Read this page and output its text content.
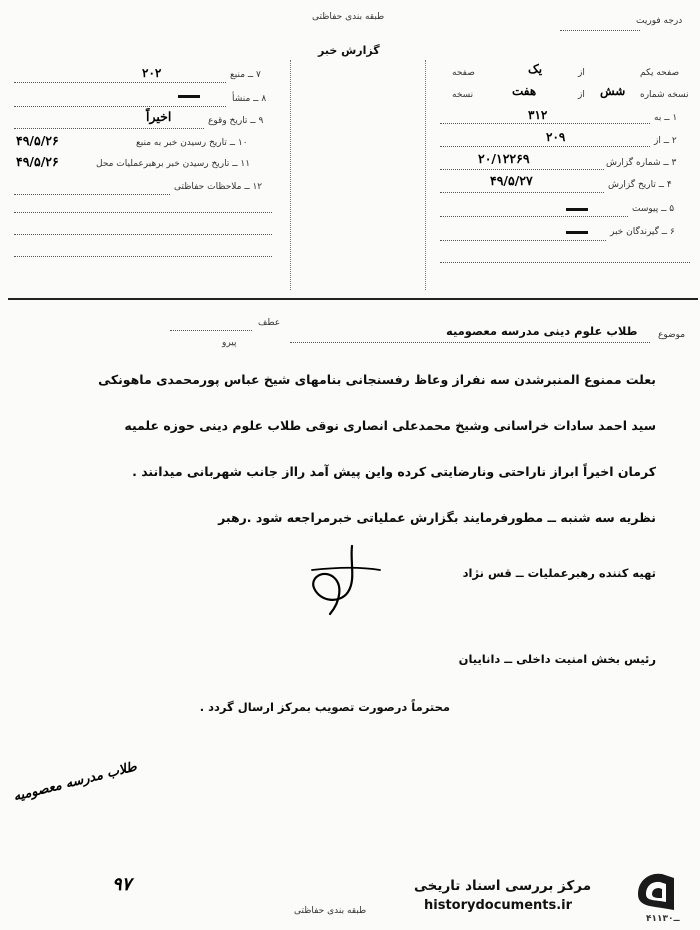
طبقه بندی حفاظتی
گزارش خبر
درجه فوریت
۷ ــ منبع
۲۰۲
۸ ــ منشأ
۹ ــ تاریخ وقوع
اخیراً
۱۰ ــ تاریخ رسیدن خبر به منبع
۴۹/۵/۲۶
۱۱ ــ تاریخ رسیدن خبر برهبرعملیات محل
۴۹/۵/۲۶
۱۲ ــ ملاحظات حفاظتی
صفحه یکم
یک	از
صفحه
نسخه شماره
شش
از
هفت
نسخه
۱ ــ به
۳۱۲
۲ ــ از
۲۰۹
۳ ــ شماره گزارش
۲۰/۱۲۲۶۹
۴ ــ تاریخ گزارش
۴۹/۵/۲۷
۵ ــ پیوست
۶ ــ گیرندگان خبر
عطف
پیرو
موضوع
طلاب علوم دینی مدرسه معصومیه
بعلت ممنوع المنبرشدن سه نفراز وعاظ رفسنجانی بنامهای شیخ عباس پورمحمدی ماهونکی
سید احمد سادات خراسانی وشیخ محمدعلی انصاری نوقی طلاب علوم دینی حوزه علمیه
کرمان اخیراً ابراز ناراحتی ونارضایتی کرده واین پیش آمد رااز جانب شهربانی میدانند .
نظریه سه شنبه ــ مطورفرمایند بگزارش عملیاتی خبرمراجعه شود .رهبر
تهیه کننده رهبرعملیات ــ قس نژاد
رئیس بخش امنیت داخلی ــ داناییان
محترماً درصورت تصویب بمرکز ارسال گردد .
طلاب مدرسه معصومیه
۹۷
طبقه بندی حفاظتی
۴۱ــ۱۳۰
مرکز بررسی اسناد تاریخی
historydocuments.ir
